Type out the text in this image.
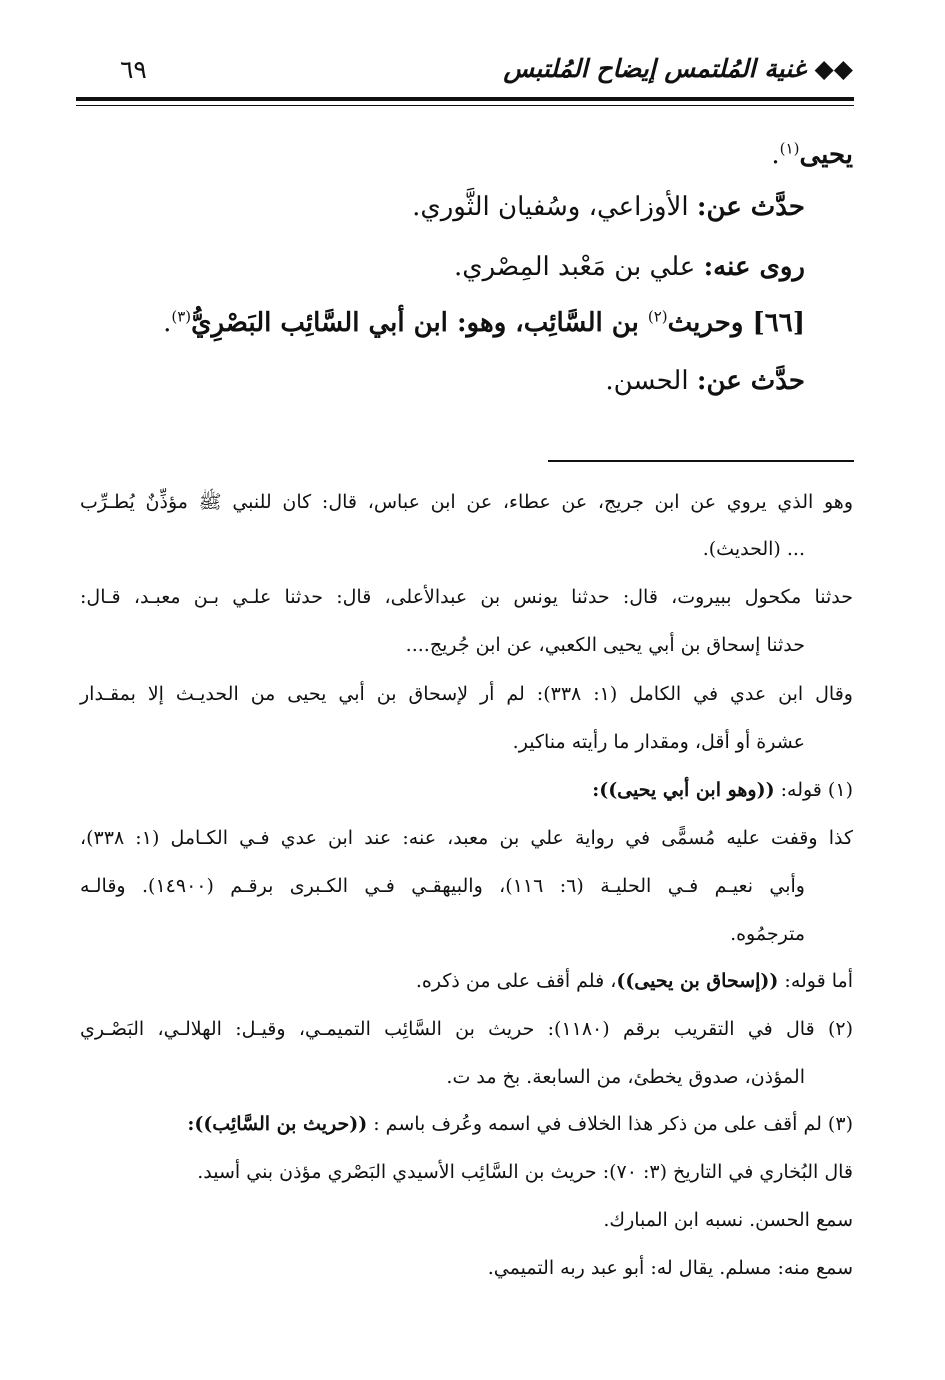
◆◆ غنية المُلتمس إيضاح المُلتبس
٦٩
يحيى$^{(١)}$.
حدَّث عن: الأوزاعي، وسُفيان الثَّوري.
روى عنه: علي بن مَعْبد المِصْري.
[٦٦] وحريث$^{(٢)}$ بن السَّائِب، وهو: ابن أبي السَّائِب البَصْرِيُّ$^{(٣)}$.
حدَّث عن: الحسن.
وهو الذي يروي عن ابن جريج، عن عطاء، عن ابن عباس، قال: كان للنبي ﷺ مؤذِّنٌ يُطـرِّب
... (الحديث).
حدثنا مكحول ببيروت، قال: حدثنا يونس بن عبدالأعلى، قال: حدثنا علـي بـن معبـد، قـال:
حدثنا إسحاق بن أبي يحيى الكعبي، عن ابن جُريج....
وقال ابن عدي في الكامل (١: ٣٣٨): لم أر لإسحاق بن أبي يحيى من الحديـث إلا بمقـدار
عشرة أو أقل، ومقدار ما رأيته مناكير.
(١) قوله: ((وهو ابن أبي يحيى)):
كذا وقفت عليه مُسمًّى في رواية علي بن معبد، عنه: عند ابن عدي فـي الكـامل (١: ٣٣٨)،
وأبي نعيـم فـي الحليـة (٦: ١١٦)، والبيهقـي فـي الكـبرى برقـم (١٤٩٠٠). وقالـه
مترجمُوه.
أما قوله: ((إسحاق بن يحيى))، فلم أقف على من ذكره.
(٢) قال في التقريب برقم (١١٨٠): حريث بن السَّائِب التميمـي، وقيـل: الهلالـي، البَصْـري
المؤذن، صدوق يخطئ، من السابعة. بخ مد ت.
(٣) لم أقف على من ذكر هذا الخلاف في اسمه وعُرف باسم : ((حريث بن السَّائِب)):
قال البُخاري في التاريخ (٣: ٧٠): حريث بن السَّائِب الأسيدي البَصْري مؤذن بني أسيد.
سمع الحسن. نسبه ابن المبارك.
سمع منه: مسلم. يقال له: أبو عبد ربه التميمي.
